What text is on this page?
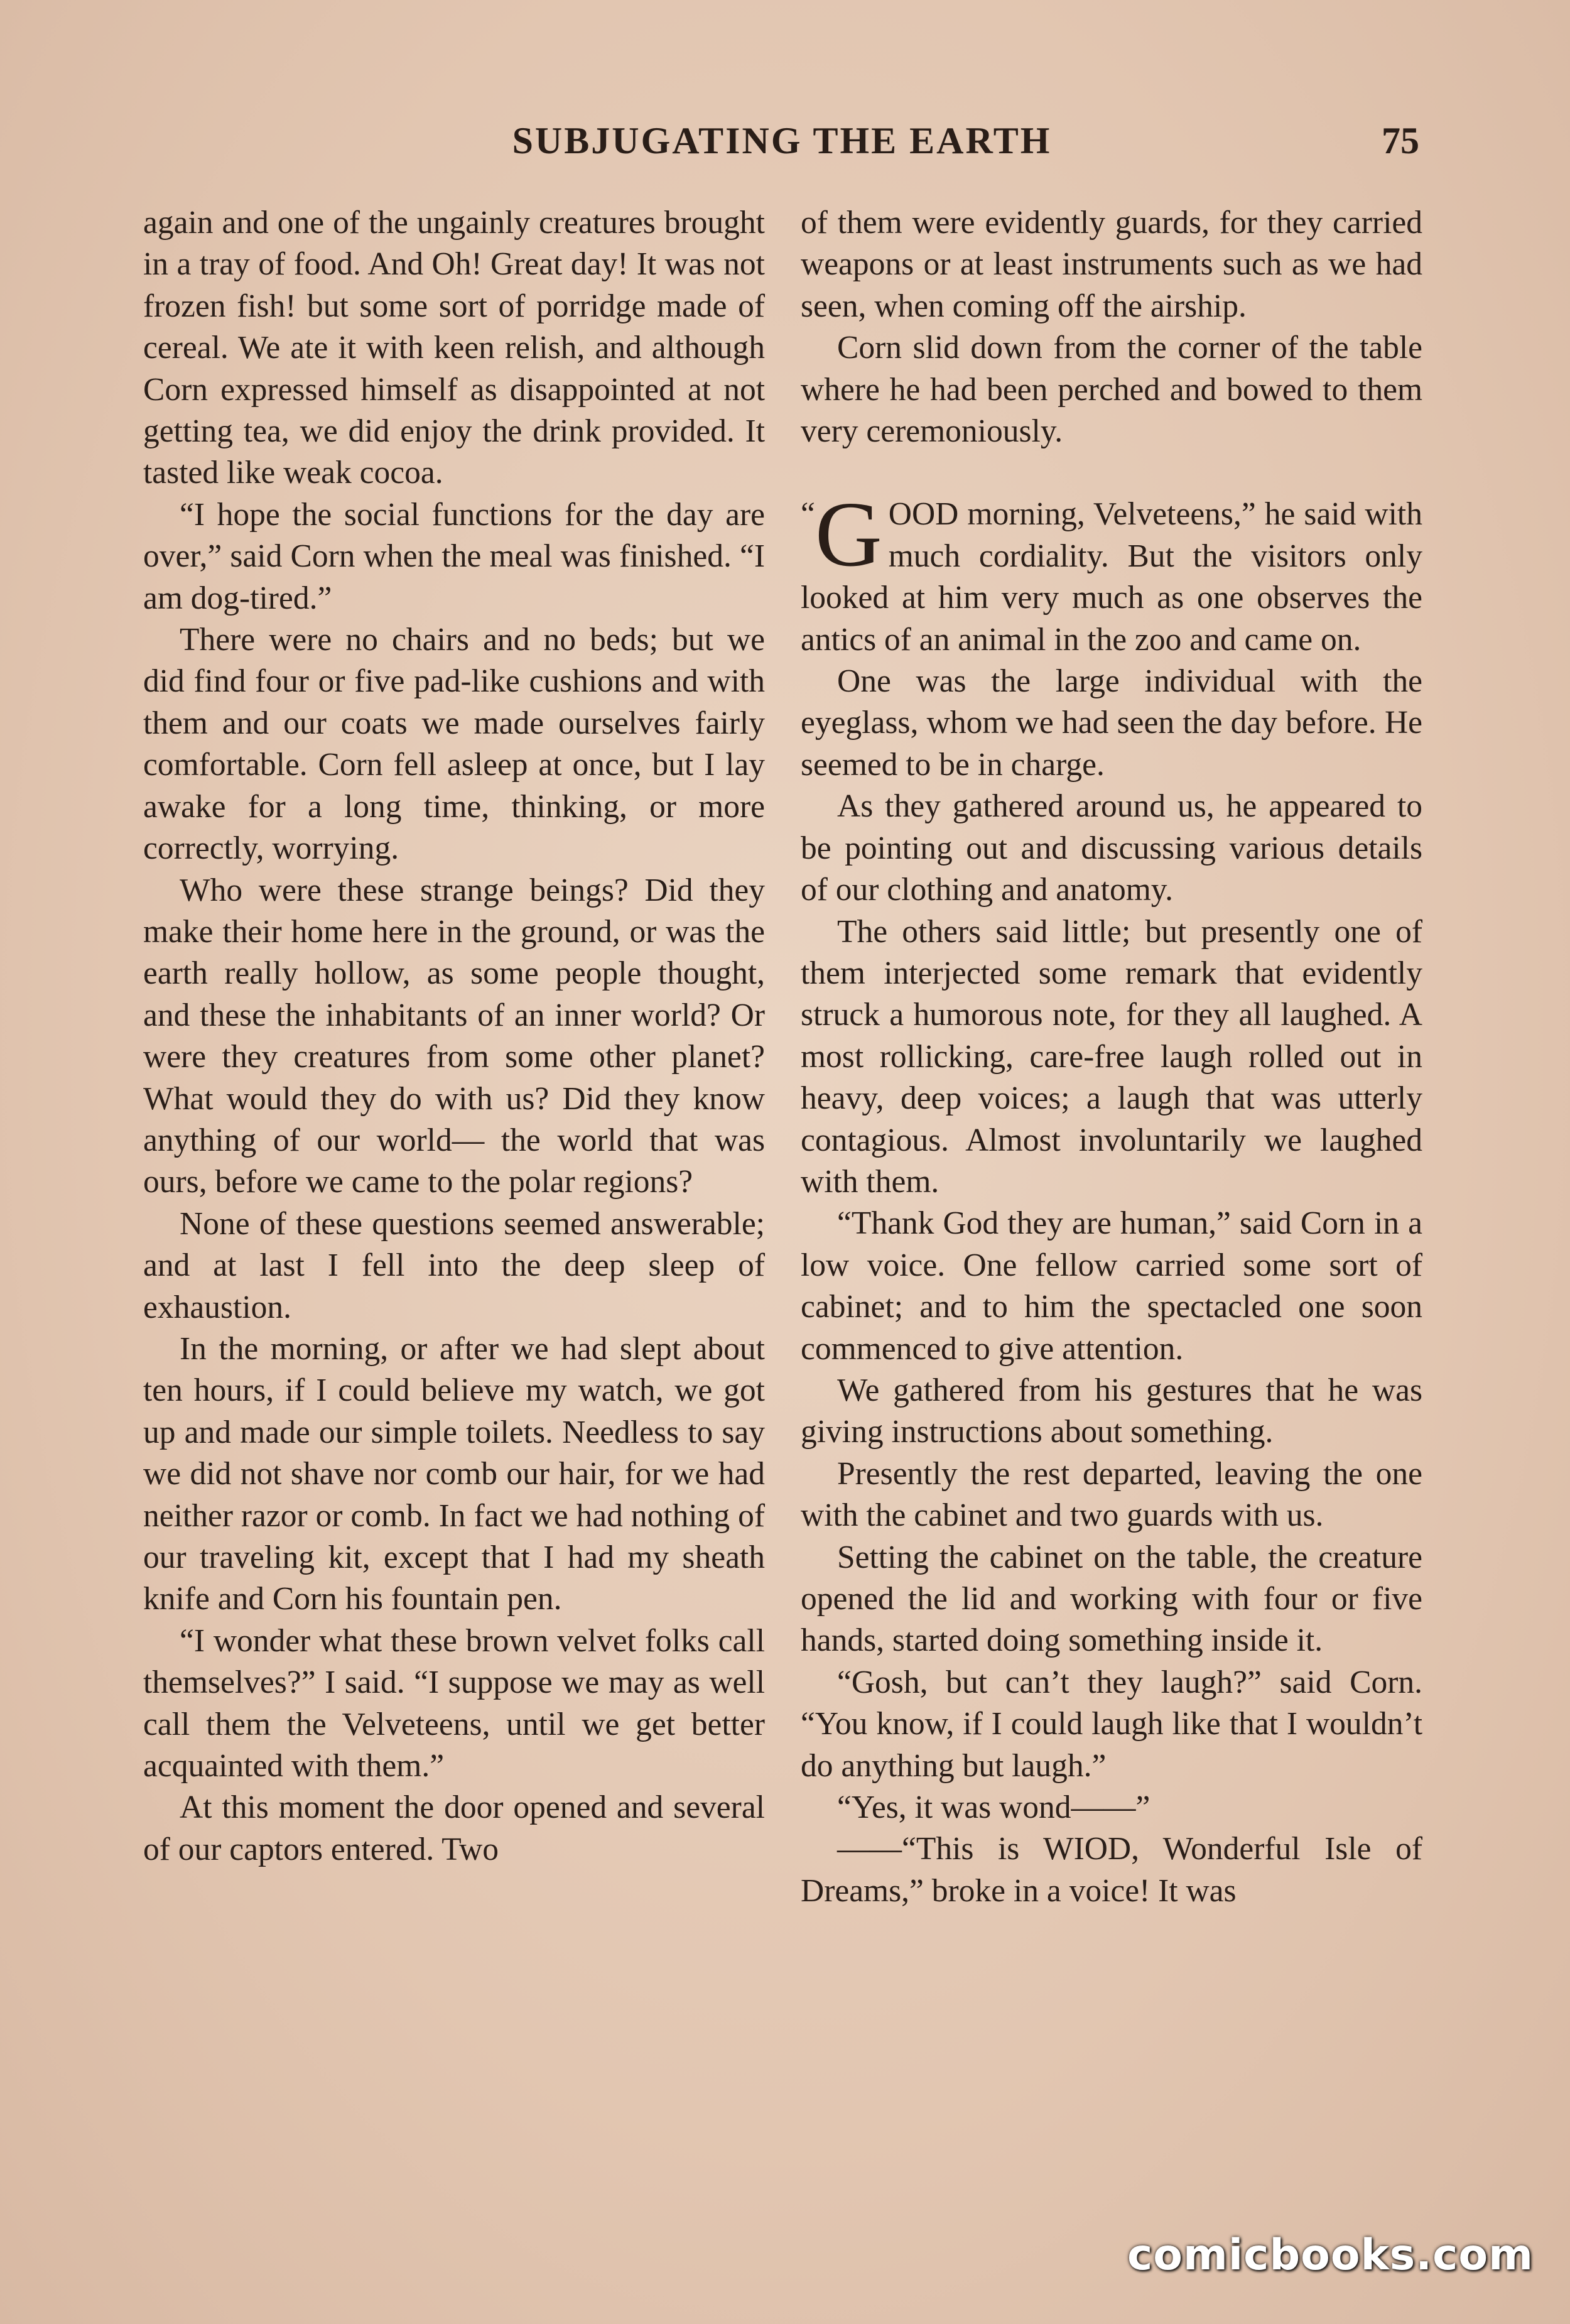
SUBJUGATING THE EARTH	75

again and one of the ungainly creatures brought in a tray of food. And Oh! Great day! It was not frozen fish! but some sort of porridge made of cereal. We ate it with keen relish, and although Corn expressed himself as disappointed at not getting tea, we did enjoy the drink provided. It tasted like weak cocoa.

“I hope the social functions for the day are over,” said Corn when the meal was finished. “I am dog-tired.”

There were no chairs and no beds; but we did find four or five pad-like cushions and with them and our coats we made ourselves fairly comfortable. Corn fell asleep at once, but I lay awake for a long time, thinking, or more correctly, worrying.

Who were these strange beings? Did they make their home here in the ground, or was the earth really hollow, as some people thought, and these the inhabitants of an inner world? Or were they creatures from some other planet? What would they do with us? Did they know anything of our world— the world that was ours, before we came to the polar regions?

None of these questions seemed answerable; and at last I fell into the deep sleep of exhaustion.

In the morning, or after we had slept about ten hours, if I could believe my watch, we got up and made our simple toilets. Needless to say we did not shave nor comb our hair, for we had neither razor or comb. In fact we had nothing of our traveling kit, except that I had my sheath knife and Corn his fountain pen.

“I wonder what these brown velvet folks call themselves?” I said. “I suppose we may as well call them the Velveteens, until we get better acquainted with them.”

At this moment the door opened and several of our captors entered. Two

of them were evidently guards, for they carried weapons or at least instruments such as we had seen, when coming off the airship.

Corn slid down from the corner of the table where he had been perched and bowed to them very ceremoniously.

“ G OOD morning, Velveteens,” he said with much cordiality. But the visitors only looked at him very much as one observes the antics of an animal in the zoo and came on.

One was the large individual with the eyeglass, whom we had seen the day before. He seemed to be in charge.

As they gathered around us, he appeared to be pointing out and discussing various details of our clothing and anatomy.

The others said little; but presently one of them interjected some remark that evidently struck a humorous note, for they all laughed. A most rollicking, care-free laugh rolled out in heavy, deep voices; a laugh that was utterly contagious. Almost involuntarily we laughed with them.

“Thank God they are human,” said Corn in a low voice. One fellow carried some sort of cabinet; and to him the spectacled one soon commenced to give attention.

We gathered from his gestures that he was giving instructions about something.

Presently the rest departed, leaving the one with the cabinet and two guards with us.

Setting the cabinet on the table, the creature opened the lid and working with four or five hands, started doing something inside it.

“Gosh, but can’t they laugh?” said Corn. “You know, if I could laugh like that I wouldn’t do anything but laugh.”

“Yes, it was wond——”

——“This is WIOD, Wonderful Isle of Dreams,” broke in a voice! It was

comicbooks.com
